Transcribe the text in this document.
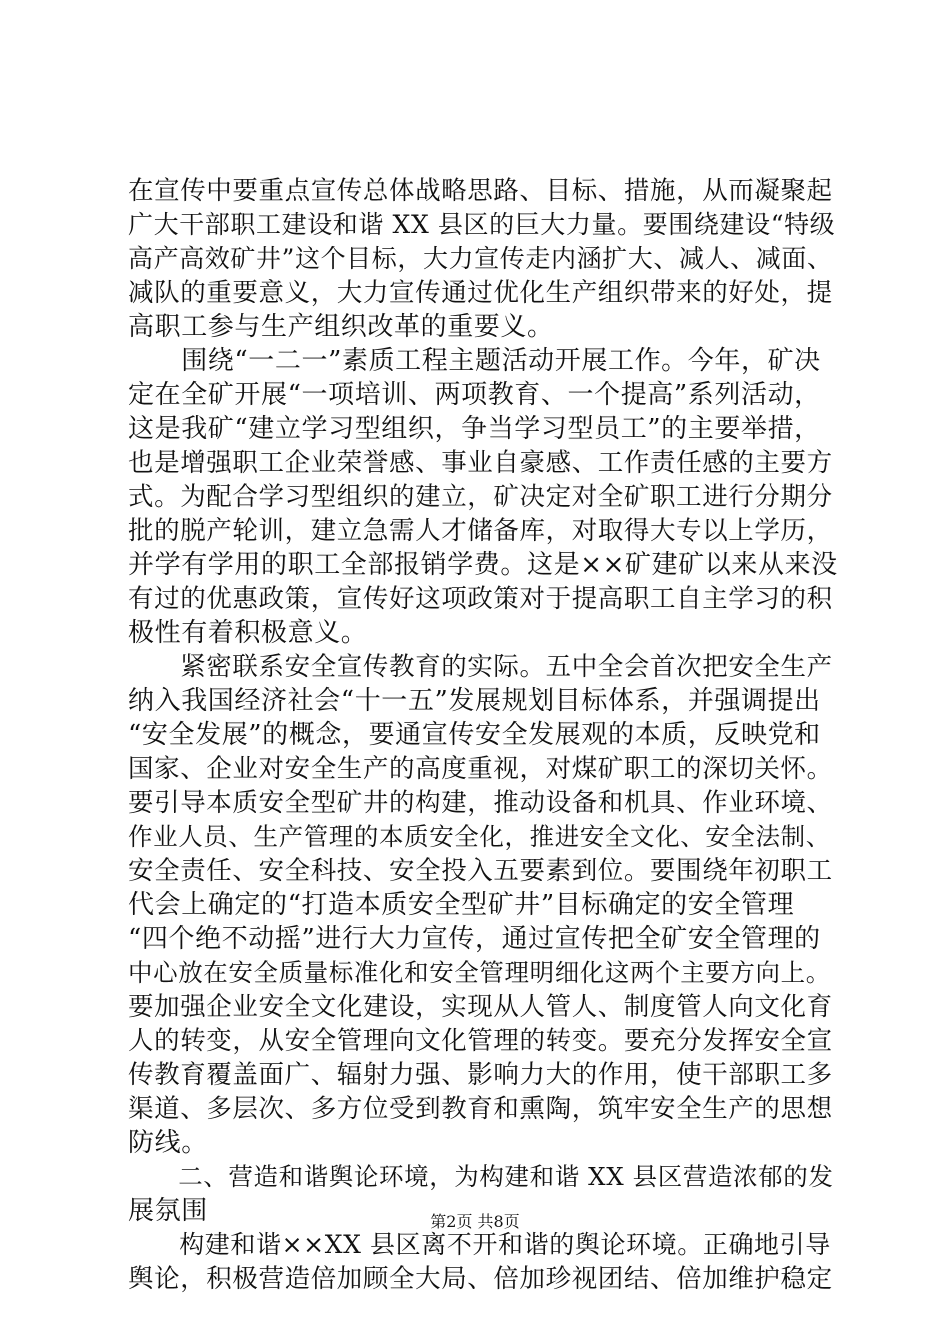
在宣传中要重点宣传总体战略思路、目标、措施，从而凝聚起
广大干部职工建设和谐 XX 县区的巨大力量。要围绕建设“特级
高产高效矿井”这个目标，大力宣传走内涵扩大、减人、减面、
减队的重要意义，大力宣传通过优化生产组织带来的好处，提
高职工参与生产组织改革的重要义。
　　围绕“一二一”素质工程主题活动开展工作。今年，矿决
定在全矿开展“一项培训、两项教育、一个提高”系列活动，
这是我矿“建立学习型组织，争当学习型员工”的主要举措，
也是增强职工企业荣誉感、事业自豪感、工作责任感的主要方
式。为配合学习型组织的建立，矿决定对全矿职工进行分期分
批的脱产轮训，建立急需人才储备库，对取得大专以上学历，
并学有学用的职工全部报销学费。这是××矿建矿以来从来没
有过的优惠政策，宣传好这项政策对于提高职工自主学习的积
极性有着积极意义。
　　紧密联系安全宣传教育的实际。五中全会首次把安全生产
纳入我国经济社会“十一五”发展规划目标体系，并强调提出
“安全发展”的概念，要通宣传安全发展观的本质，反映党和
国家、企业对安全生产的高度重视，对煤矿职工的深切关怀。
要引导本质安全型矿井的构建，推动设备和机具、作业环境、
作业人员、生产管理的本质安全化，推进安全文化、安全法制、
安全责任、安全科技、安全投入五要素到位。要围绕年初职工
代会上确定的“打造本质安全型矿井”目标确定的安全管理
“四个绝不动摇”进行大力宣传，通过宣传把全矿安全管理的
中心放在安全质量标准化和安全管理明细化这两个主要方向上。
要加强企业安全文化建设，实现从人管人、制度管人向文化育
人的转变，从安全管理向文化管理的转变。要充分发挥安全宣
传教育覆盖面广、辐射力强、影响力大的作用，使干部职工多
渠道、多层次、多方位受到教育和熏陶，筑牢安全生产的思想
防线。
　　二、营造和谐舆论环境，为构建和谐 XX 县区营造浓郁的发
展氛围
　　构建和谐××XX 县区离不开和谐的舆论环境。正确地引导
舆论，积极营造倍加顾全大局、倍加珍视团结、倍加维护稳定
第2页 共8页
